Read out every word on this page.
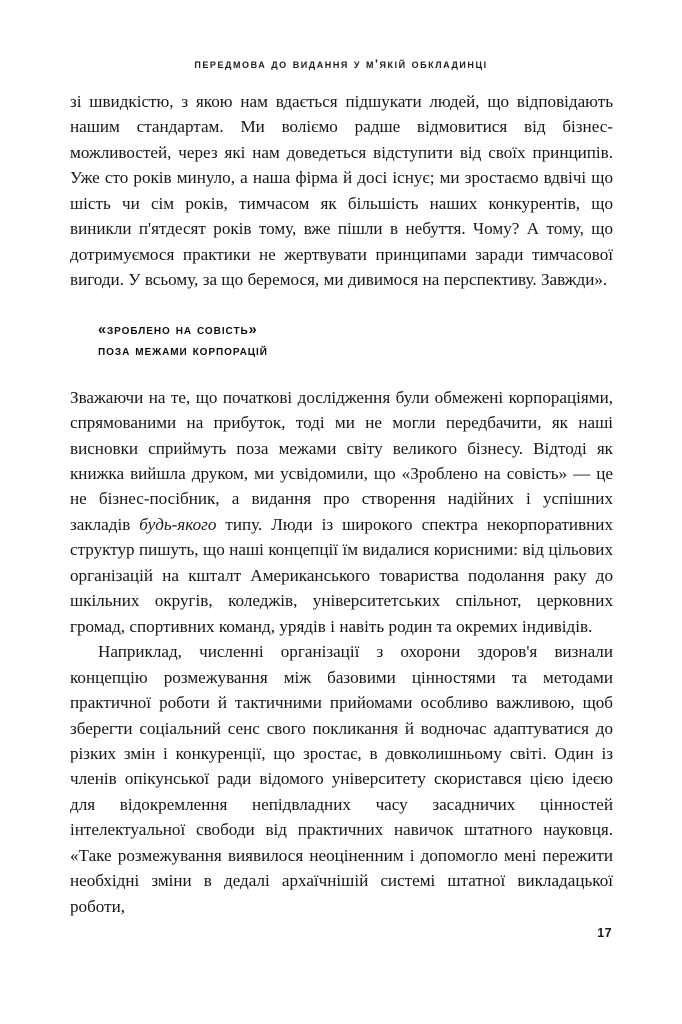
передмова до видання у м'якій обкладинці

зі швидкістю, з якою нам вдається підшукати людей, що відповідають нашим стандартам. Ми воліємо радше відмовитися від бізнес-можливостей, через які нам доведеться відступити від своїх принципів. Уже сто років минуло, а наша фірма й досі існує; ми зростаємо вдвічі що шість чи сім років, тимчасом як більшість наших конкурентів, що виникли п'ятдесят років тому, вже пішли в небуття. Чому? А тому, що дотримуємося практики не жертвувати принципами заради тимчасової вигоди. У всьому, за що беремося, ми дивимося на перспективу. Завжди».

«зроблено на совість»
поза межами корпорацій

Зважаючи на те, що початкові дослідження були обмежені корпораціями, спрямованими на прибуток, тоді ми не могли передбачити, як наші висновки сприймуть поза межами світу великого бізнесу. Відтоді як книжка вийшла друком, ми усвідомили, що «Зроблено на совість» — це не бізнес-посібник, а видання про створення надійних і успішних закладів будь-якого типу. Люди із широкого спектра некорпоративних структур пишуть, що наші концепції їм видалися корисними: від цільових організацій на кшталт Американського товариства подолання раку до шкільних округів, коледжів, університетських спільнот, церковних громад, спортивних команд, урядів і навіть родин та окремих індивідів.

Наприклад, численні організації з охорони здоров'я визнали концепцію розмежування між базовими цінностями та методами практичної роботи й тактичними прийомами особливо важливою, щоб зберегти соціальний сенс свого покликання й водночас адаптуватися до різких змін і конкуренції, що зростає, в довколишньому світі. Один із членів опікунської ради відомого університету скористався цією ідеєю для відокремлення непідвладних часу засадничих цінностей інтелектуальної свободи від практичних навичок штатного науковця. «Таке розмежування виявилося неоціненним і допомогло мені пережити необхідні зміни в дедалі архаїчнішій системі штатної викладацької роботи,

17
